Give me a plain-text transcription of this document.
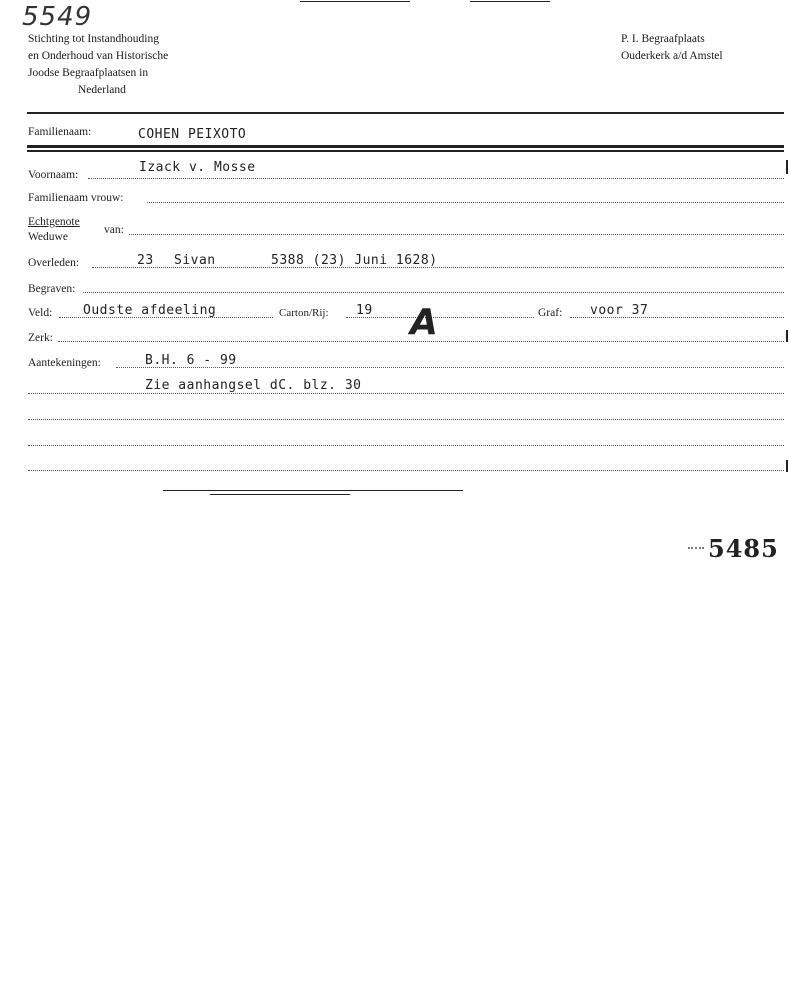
5549
Stichting tot Instandhouding
en Onderhoud van Historische
Joodse Begraafplaatsen in
Nederland
P. I. Begraafplaats
Ouderkerk a/d Amstel
Familienaam:	COHEN PEIXOTO
Voornaam:	Izack v. Mosse
Familienaam vrouw:
Echtgenote
Weduwe
van:
Overleden:	23 Sivan	5388 (23) Juni 1628)
Begraven:
Veld: Oudste afdeeling	Carton/Rij: 19 A	Graf: voor 37
Zerk:
Aantekeningen:	B.H. 6 - 99
Zie aanhangsel dC. blz. 30
5485
